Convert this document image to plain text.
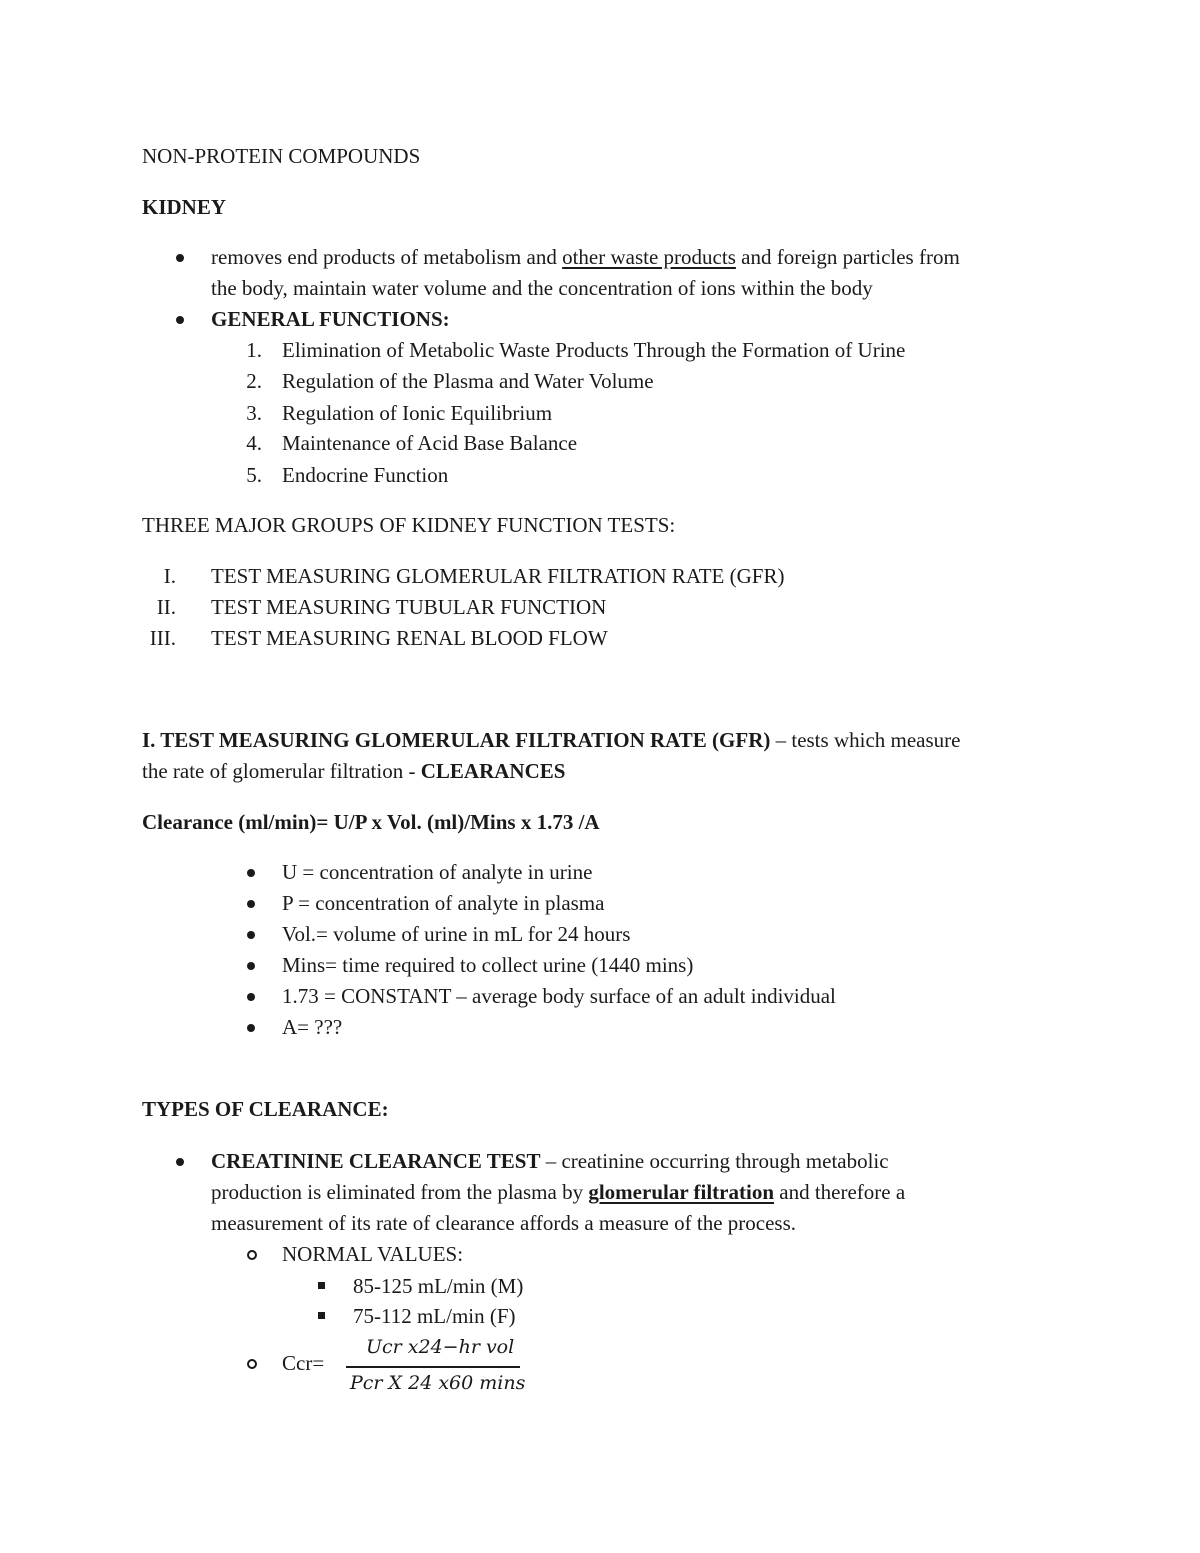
NON-PROTEIN COMPOUNDS
KIDNEY
removes end products of metabolism and other waste products and foreign particles from
the body, maintain water volume and the concentration of ions within the body
GENERAL FUNCTIONS:
1. Elimination of Metabolic Waste Products Through the Formation of Urine
2. Regulation of the Plasma and Water Volume
3. Regulation of Ionic Equilibrium
4. Maintenance of Acid Base Balance
5. Endocrine Function
THREE MAJOR GROUPS OF KIDNEY FUNCTION TESTS:
I. TEST MEASURING GLOMERULAR FILTRATION RATE (GFR)
II. TEST MEASURING TUBULAR FUNCTION
III. TEST MEASURING RENAL BLOOD FLOW
I. TEST MEASURING GLOMERULAR FILTRATION RATE (GFR) – tests which measure
the rate of glomerular filtration - CLEARANCES
Clearance (ml/min)= U/P x Vol. (ml)/Mins x 1.73 /A
U = concentration of analyte in urine
P = concentration of analyte in plasma
Vol.= volume of urine in mL for 24 hours
Mins= time required to collect urine (1440 mins)
1.73 = CONSTANT – average body surface of an adult individual
A= ???
TYPES OF CLEARANCE:
CREATININE CLEARANCE TEST – creatinine occurring through metabolic
production is eliminated from the plasma by glomerular filtration and therefore a
measurement of its rate of clearance affords a measure of the process.
NORMAL VALUES:
85-125 mL/min (M)
75-112 mL/min (F)
Ccr=
Ucr x24−hr vol
Pcr X 24 x60 mins
